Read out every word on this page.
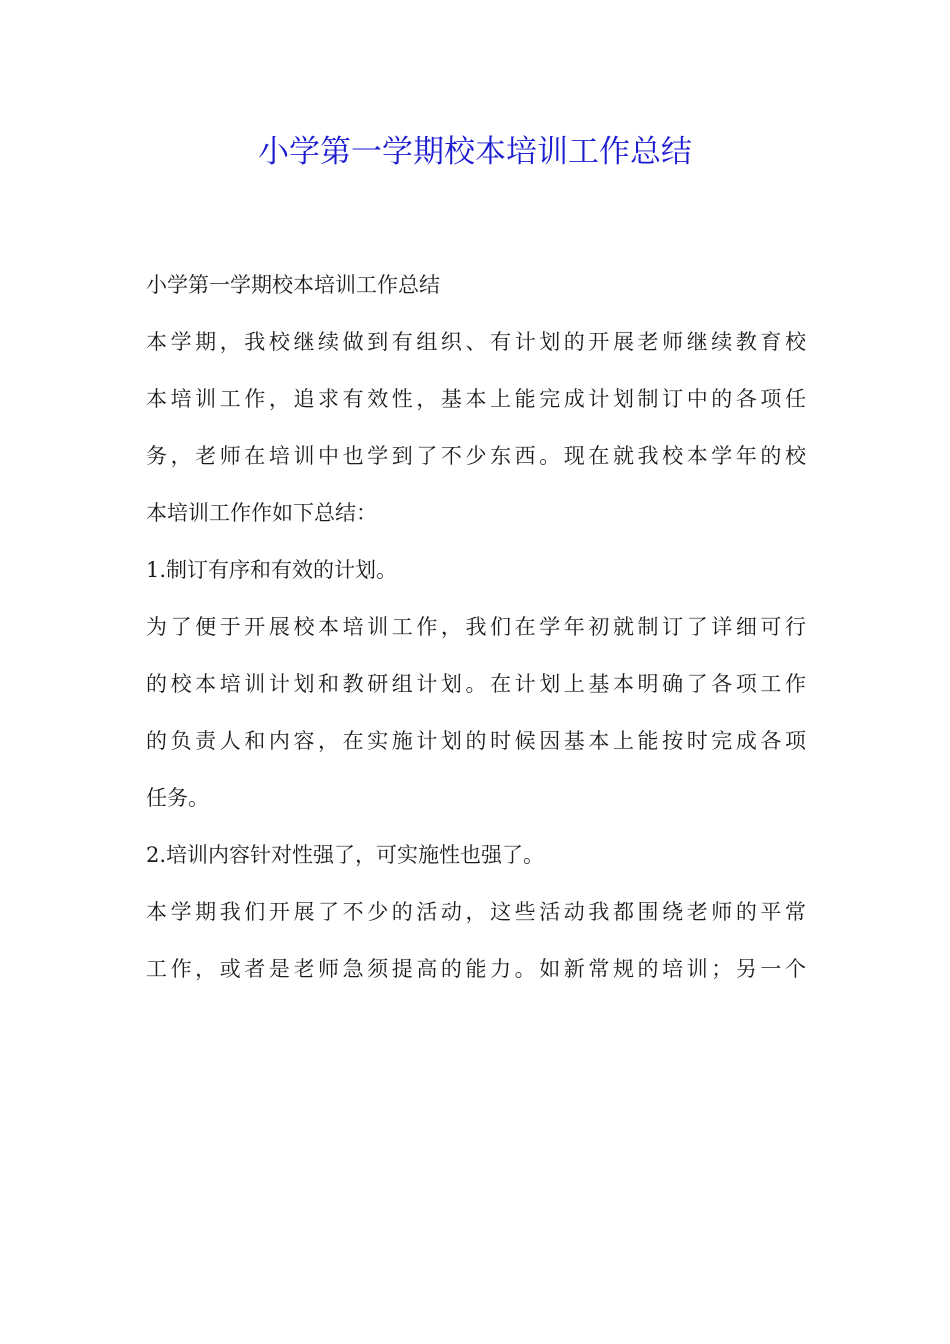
小学第一学期校本培训工作总结
小学第一学期校本培训工作总结
本学期，我校继续做到有组织、有计划的开展老师继续教育校
本培训工作，追求有效性，基本上能完成计划制订中的各项任
务，老师在培训中也学到了不少东西。现在就我校本学年的校
本培训工作作如下总结：
1.制订有序和有效的计划。
为了便于开展校本培训工作，我们在学年初就制订了详细可行
的校本培训计划和教研组计划。在计划上基本明确了各项工作
的负责人和内容，在实施计划的时候因基本上能按时完成各项
任务。
2.培训内容针对性强了，可实施性也强了。
本学期我们开展了不少的活动，这些活动我都围绕老师的平常
工作，或者是老师急须提高的能力。如新常规的培训；另一个
